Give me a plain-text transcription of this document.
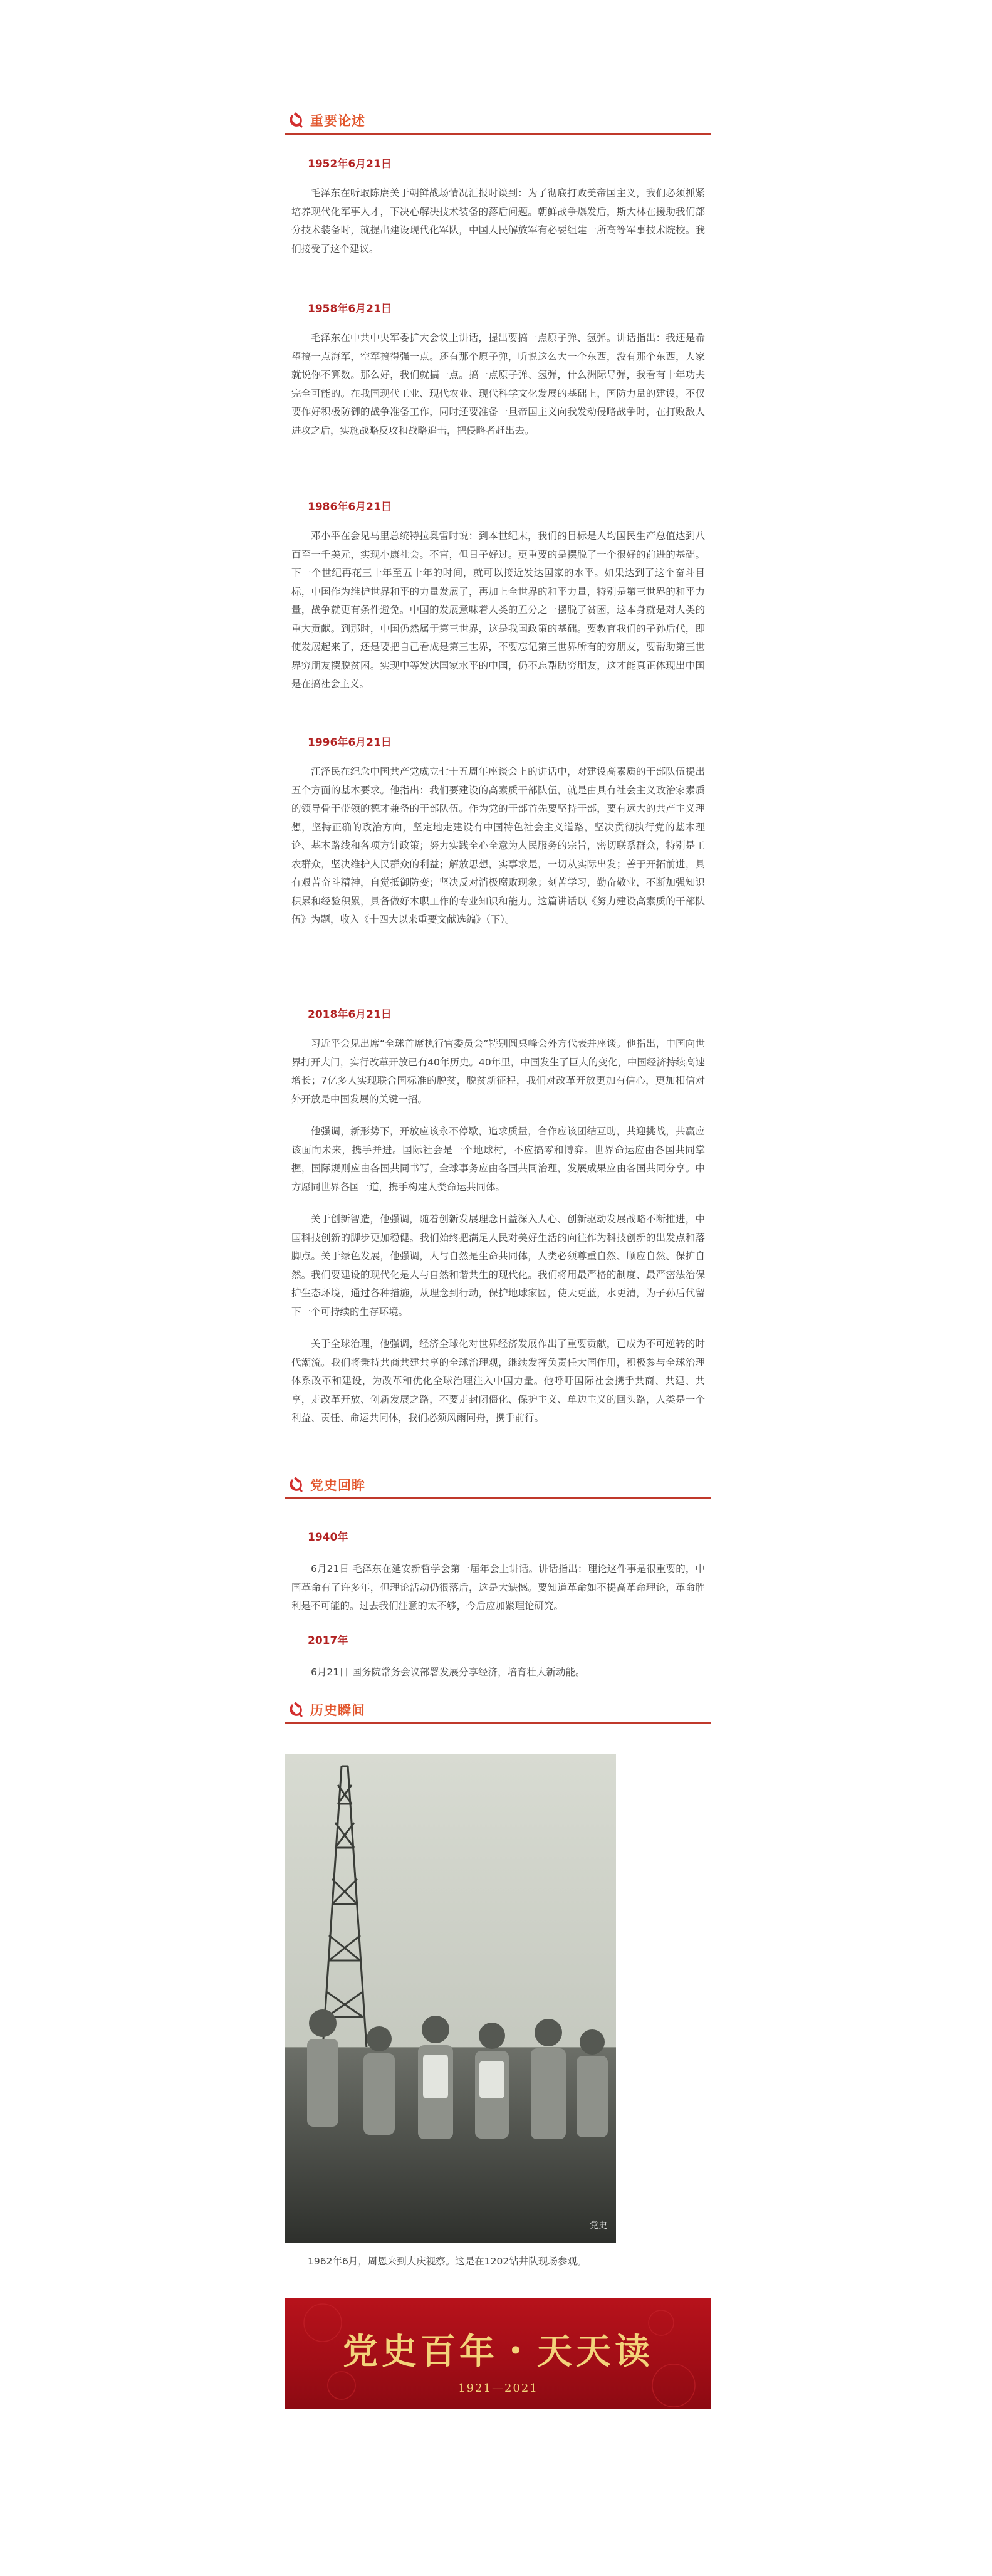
重要论述
1952年6月21日

毛泽东在听取陈赓关于朝鲜战场情况汇报时谈到：为了彻底打败美帝国主义，我们必须抓紧培养现代化军事人才，下决心解决技术装备的落后问题。朝鲜战争爆发后，斯大林在援助我们部分技术装备时，就提出建设现代化军队，中国人民解放军有必要组建一所高等军事技术院校。我们接受了这个建议。

1958年6月21日

毛泽东在中共中央军委扩大会议上讲话，提出要搞一点原子弹、氢弹。讲话指出：我还是希望搞一点海军，空军搞得强一点。还有那个原子弹，听说这么大一个东西，没有那个东西，人家就说你不算数。那么好，我们就搞一点。搞一点原子弹、氢弹，什么洲际导弹，我看有十年功夫完全可能的。在我国现代工业、现代农业、现代科学文化发展的基础上，国防力量的建设，不仅要作好积极防御的战争准备工作，同时还要准备一旦帝国主义向我发动侵略战争时，在打败敌人进攻之后，实施战略反攻和战略追击，把侵略者赶出去。

1986年6月21日

邓小平在会见马里总统特拉奥雷时说：到本世纪末，我们的目标是人均国民生产总值达到八百至一千美元，实现小康社会。不富，但日子好过。更重要的是摆脱了一个很好的前进的基础。下一个世纪再花三十年至五十年的时间，就可以接近发达国家的水平。如果达到了这个奋斗目标，中国作为维护世界和平的力量发展了，再加上全世界的和平力量，特别是第三世界的和平力量，战争就更有条件避免。中国的发展意味着人类的五分之一摆脱了贫困，这本身就是对人类的重大贡献。到那时，中国仍然属于第三世界，这是我国政策的基础。要教育我们的子孙后代，即使发展起来了，还是要把自己看成是第三世界，不要忘记第三世界所有的穷朋友，要帮助第三世界穷朋友摆脱贫困。实现中等发达国家水平的中国，仍不忘帮助穷朋友，这才能真正体现出中国是在搞社会主义。

1996年6月21日

江泽民在纪念中国共产党成立七十五周年座谈会上的讲话中，对建设高素质的干部队伍提出五个方面的基本要求。他指出：我们要建设的高素质干部队伍，就是由具有社会主义政治家素质的领导骨干带领的德才兼备的干部队伍。作为党的干部首先要坚持干部，要有远大的共产主义理想，坚持正确的政治方向，坚定地走建设有中国特色社会主义道路，坚决贯彻执行党的基本理论、基本路线和各项方针政策；努力实践全心全意为人民服务的宗旨，密切联系群众，特别是工农群众，坚决维护人民群众的利益；解放思想，实事求是，一切从实际出发；善于开拓前进，具有艰苦奋斗精神，自觉抵御防变；坚决反对消极腐败现象；刻苦学习，勤奋敬业，不断加强知识积累和经验积累，具备做好本职工作的专业知识和能力。这篇讲话以《努力建设高素质的干部队伍》为题，收入《十四大以来重要文献选编》（下）。

2018年6月21日

习近平会见出席“全球首席执行官委员会”特别圆桌峰会外方代表并座谈。他指出，中国向世界打开大门，实行改革开放已有40年历史。40年里，中国发生了巨大的变化，中国经济持续高速增长；7亿多人实现联合国标准的脱贫，脱贫新征程，我们对改革开放更加有信心，更加相信对外开放是中国发展的关键一招。

他强调，新形势下，开放应该永不停歇，追求质量，合作应该团结互助，共迎挑战，共赢应该面向未来，携手并进。国际社会是一个地球村，不应搞零和博弈。世界命运应由各国共同掌握，国际规则应由各国共同书写，全球事务应由各国共同治理，发展成果应由各国共同分享。中方愿同世界各国一道，携手构建人类命运共同体。

关于创新智造，他强调，随着创新发展理念日益深入人心、创新驱动发展战略不断推进，中国科技创新的脚步更加稳健。我们始终把满足人民对美好生活的向往作为科技创新的出发点和落脚点。关于绿色发展，他强调，人与自然是生命共同体，人类必须尊重自然、顺应自然、保护自然。我们要建设的现代化是人与自然和谐共生的现代化。我们将用最严格的制度、最严密法治保护生态环境，通过各种措施，从理念到行动，保护地球家园，使天更蓝，水更清，为子孙后代留下一个可持续的生存环境。

关于全球治理，他强调，经济全球化对世界经济发展作出了重要贡献，已成为不可逆转的时代潮流。我们将秉持共商共建共享的全球治理观，继续发挥负责任大国作用，积极参与全球治理体系改革和建设，为改革和优化全球治理注入中国力量。他呼吁国际社会携手共商、共建、共享，走改革开放、创新发展之路，不要走封闭僵化、保护主义、单边主义的回头路，人类是一个利益、责任、命运共同体，我们必须风雨同舟，携手前行。

党史回眸
1940年

6月21日 毛泽东在延安新哲学会第一届年会上讲话。讲话指出：理论这件事是很重要的，中国革命有了许多年，但理论活动仍很落后，这是大缺憾。要知道革命如不提高革命理论，革命胜利是不可能的。过去我们注意的太不够，今后应加紧理论研究。

2017年

6月21日 国务院常务会议部署发展分享经济，培育壮大新动能。

历史瞬间
党史
1962年6月，周恩来到大庆视察。这是在1202钻井队现场参观。
党史百年・天天读
1921—2021
